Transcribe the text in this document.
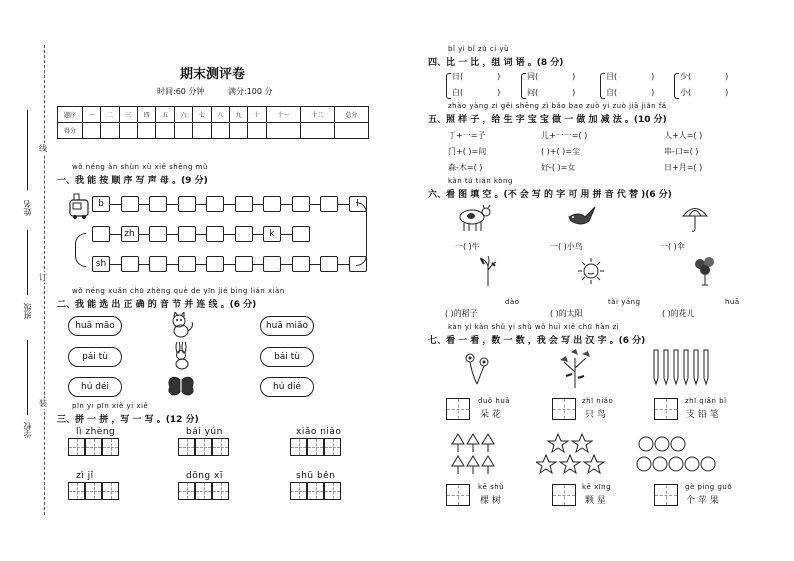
线
订
装
姓名
班级
学校
期末测评卷
时间:60 分钟	满分:100 分
题序	一	二	三	四	五	六	七	八	九	十	十一	十二	总分
得分													
wǒ néng àn shùn xù xiě shēng mǔ
一、我 能 按 顺 序 写 声 母 。(9 分)
b	l
zh	k
sh
wǒ néng xuǎn chū zhèng què de yīn jié bìng lián xiàn
二、我 能 选 出 正 确 的 音 节 并 连 线 。(6 分)
huā māo
pái tù
hú déi
huā miāo
bái tù
hú dié
pīn yi pīn xiě yi xiě
三、拼 一 拼 ，写 一 写 。(12 分)
lì zhèng	bái yún	xiǎo niǎo
zì jǐ	dōng xī	shū běn
bǐ yi bǐ zǔ cí yǔ
四、比 一 比 ，组 词 语 。(8 分)
日(	)
白(	)
同(	)
问(	)
目(	)
自(	)
少(	)
小(	)
zhào yàng zi gěi shēng zì bǎo bao zuò yi zuò jiā jiǎn fǎ
五、照 样 子 ，给 生 字 宝 宝 做 一 做 加 减 法 。(10 分)
丁+一=子	儿+一一=( )	人+人=( )
门+( )=问	( )+( )=尘	串-口=( )
森-木=( )	好-( )=女	日+月=( )
kàn tú tián kòng
六、看 图 填 空 。(不 会 写 的 字 可 用 拼 音 代 替 )(6 分)
一( )牛	一( )小鸟	一( )伞
dào	tài yáng	huā
( )的稻子	( )的太阳	( )的花儿
kàn yi kàn shǔ yi shǔ wǒ huì xiě chū hàn zì
七、看 一 看 ，数 一 数 ，我 会 写 出 汉 字 。(6 分)
duǒ huā
朵 花
zhī niǎo
只 鸟
zhī qiān bǐ
支 铅 笔
kē shù
棵 树
kē xīng
颗 星
gè píng guǒ
个 苹 果
